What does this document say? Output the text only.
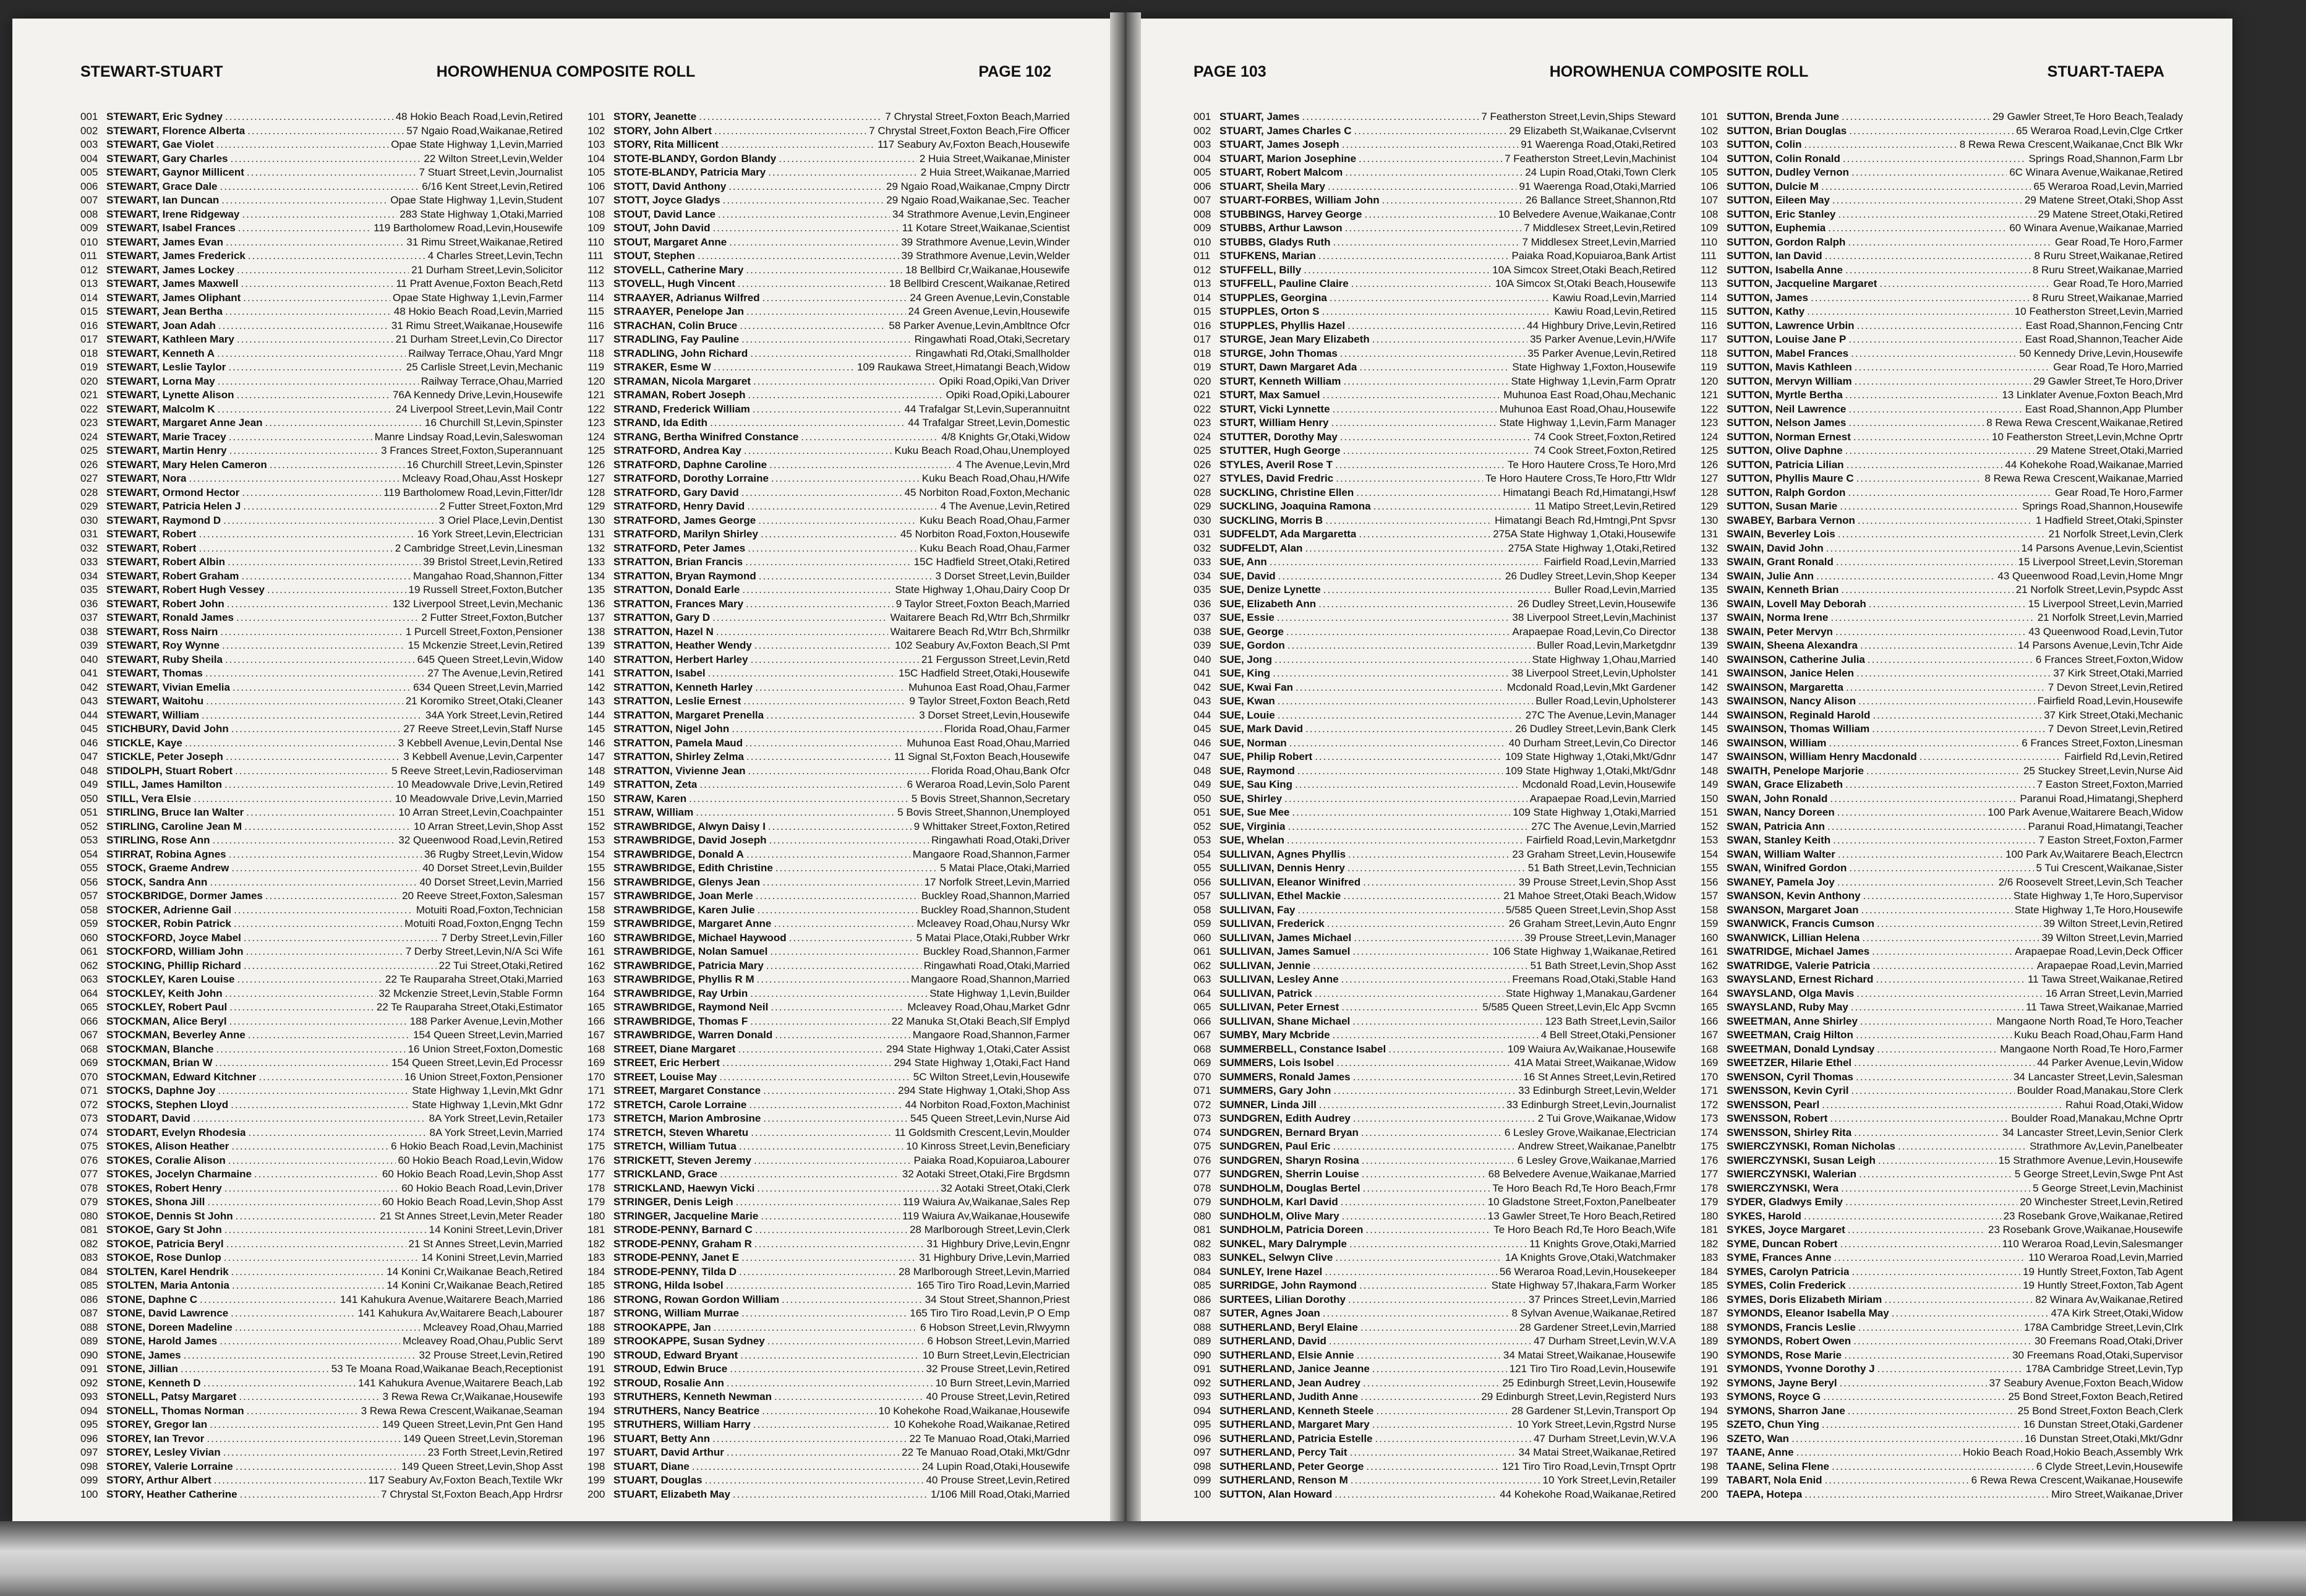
STEWART-STUART	HOROWHENUA COMPOSITE ROLL	PAGE 102
001 STEWART, Eric Sydney .....	48 Hokio Beach Road,Levin,Retired
002 STEWART, Florence Alberta .....	57 Ngaio Road,Waikanae,Retired
003 STEWART, Gae Violet .....	Opae State Highway 1,Levin,Married
004 STEWART, Gary Charles .....	22 Wilton Street,Levin,Welder
005 STEWART, Gaynor Millicent .....	7 Stuart Street,Levin,Journalist
006 STEWART, Grace Dale .....	6/16 Kent Street,Levin,Retired
007 STEWART, Ian Duncan .....	Opae State Highway 1,Levin,Student
008 STEWART, Irene Ridgeway .....	283 State Highway 1,Otaki,Married
009 STEWART, Isabel Frances .....	119 Bartholomew Road,Levin,Housewife
010 STEWART, James Evan .....	31 Rimu Street,Waikanae,Retired
011 STEWART, James Frederick .....	4 Charles Street,Levin,Techn
012 STEWART, James Lockey .....	21 Durham Street,Levin,Solicitor
013 STEWART, James Maxwell .....	11 Pratt Avenue,Foxton Beach,Retd
014 STEWART, James Oliphant .....	Opae State Highway 1,Levin,Farmer
015 STEWART, Jean Bertha .....	48 Hokio Beach Road,Levin,Married
016 STEWART, Joan Adah .....	31 Rimu Street,Waikanae,Housewife
017 STEWART, Kathleen Mary .....	21 Durham Street,Levin,Co Director
018 STEWART, Kenneth A .....	Railway Terrace,Ohau,Yard Mngr
019 STEWART, Leslie Taylor .....	25 Carlisle Street,Levin,Mechanic
020 STEWART, Lorna May .....	Railway Terrace,Ohau,Married
021 STEWART, Lynette Alison .....	76A Kennedy Drive,Levin,Housewife
022 STEWART, Malcolm K .....	24 Liverpool Street,Levin,Mail Contr
023 STEWART, Margaret Anne Jean .....	16 Churchill St,Levin,Spinster
024 STEWART, Marie Tracey .....	Manre Lindsay Road,Levin,Saleswoman
025 STEWART, Martin Henry .....	3 Frances Street,Foxton,Superannuant
026 STEWART, Mary Helen Cameron .....	16 Churchill Street,Levin,Spinster
027 STEWART, Nora .....	Mcleavy Road,Ohau,Asst Hoskepr
028 STEWART, Ormond Hector .....	119 Bartholomew Road,Levin,Fitter/Idr
029 STEWART, Patricia Helen J .....	2 Futter Street,Foxton,Mrd
030 STEWART, Raymond D .....	3 Oriel Place,Levin,Dentist
031 STEWART, Robert .....	16 York Street,Levin,Electrician
032 STEWART, Robert .....	2 Cambridge Street,Levin,Linesman
033 STEWART, Robert Albin .....	39 Bristol Street,Levin,Retired
034 STEWART, Robert Graham .....	Mangahao Road,Shannon,Fitter
035 STEWART, Robert Hugh Vessey .....	19 Russell Street,Foxton,Butcher
036 STEWART, Robert John .....	132 Liverpool Street,Levin,Mechanic
037 STEWART, Ronald James .....	2 Futter Street,Foxton,Butcher
038 STEWART, Ross Nairn .....	1 Purcell Street,Foxton,Pensioner
039 STEWART, Roy Wynne .....	15 Mckenzie Street,Levin,Retired
040 STEWART, Ruby Sheila .....	645 Queen Street,Levin,Widow
041 STEWART, Thomas .....	27 The Avenue,Levin,Retired
042 STEWART, Vivian Emelia .....	634 Queen Street,Levin,Married
043 STEWART, Waitohu .....	21 Koromiko Street,Otaki,Cleaner
044 STEWART, William .....	34A York Street,Levin,Retired
045 STICHBURY, David John .....	27 Reeve Street,Levin,Staff Nurse
046 STICKLE, Kaye .....	3 Kebbell Avenue,Levin,Dental Nse
047 STICKLE, Peter Joseph .....	3 Kebbell Avenue,Levin,Carpenter
048 STIDOLPH, Stuart Robert .....	5 Reeve Street,Levin,Radioserviman
049 STILL, James Hamilton .....	10 Meadowvale Drive,Levin,Retired
050 STILL, Vera Elsie .....	10 Meadowvale Drive,Levin,Married
051 STIRLING, Bruce Ian Walter .....	10 Arran Street,Levin,Coachpainter
052 STIRLING, Caroline Jean M .....	10 Arran Street,Levin,Shop Asst
053 STIRLING, Rose Ann .....	32 Queenwood Road,Levin,Retired
054 STIRRAT, Robina Agnes .....	36 Rugby Street,Levin,Widow
055 STOCK, Graeme Andrew .....	40 Dorset Street,Levin,Builder
056 STOCK, Sandra Ann .....	40 Dorset Street,Levin,Married
057 STOCKBRIDGE, Dormer James .....	20 Reeve Street,Foxton,Salesman
058 STOCKER, Adrienne Gail .....	Motuiti Road,Foxton,Technician
059 STOCKER, Robin Patrick .....	Motuiti Road,Foxton,Engng Techn
060 STOCKFORD, Joyce Mabel .....	7 Derby Street,Levin,Filler
061 STOCKFORD, William John .....	7 Derby Street,Levin,N/A Sci Wife
062 STOCKING, Phillip Richard .....	22 Tui Street,Otaki,Retired
063 STOCKLEY, Karen Louise .....	22 Te Rauparaha Street,Otaki,Married
064 STOCKLEY, Keith John .....	32 Mckenzie Street,Levin,Stable Formn
065 STOCKLEY, Robert Paul .....	22 Te Rauparaha Street,Otaki,Estimator
066 STOCKMAN, Alice Beryl .....	188 Parker Avenue,Levin,Mother
067 STOCKMAN, Beverley Anne .....	154 Queen Street,Levin,Married
068 STOCKMAN, Blanche .....	16 Union Street,Foxton,Domestic
069 STOCKMAN, Brian W .....	154 Queen Street,Levin,Ed Processr
070 STOCKMAN, Edward Kitchner .....	16 Union Street,Foxton,Pensioner
071 STOCKS, Daphne Joy .....	State Highway 1,Levin,Mkt Gdnr
072 STOCKS, Stephen Lloyd .....	State Highway 1,Levin,Mkt Gdnr
073 STODART, David .....	8A York Street,Levin,Retailer
074 STODART, Evelyn Rhodesia .....	8A York Street,Levin,Married
075 STOKES, Alison Heather .....	6 Hokio Beach Road,Levin,Machinist
076 STOKES, Coralie Alison .....	60 Hokio Beach Road,Levin,Widow
077 STOKES, Jocelyn Charmaine .....	60 Hokio Beach Road,Levin,Shop Asst
078 STOKES, Robert Henry .....	60 Hokio Beach Road,Levin,Driver
079 STOKES, Shona Jill .....	60 Hokio Beach Road,Levin,Shop Asst
080 STOKOE, Dennis St John .....	21 St Annes Street,Levin,Meter Reader
081 STOKOE, Gary St John .....	14 Konini Street,Levin,Driver
082 STOKOE, Patricia Beryl .....	21 St Annes Street,Levin,Married
083 STOKOE, Rose Dunlop .....	14 Konini Street,Levin,Married
084 STOLTEN, Karel Hendrik .....	14 Konini Cr,Waikanae Beach,Retired
085 STOLTEN, Maria Antonia .....	14 Konini Cr,Waikanae Beach,Retired
086 STONE, Daphne C .....	141 Kahukura Avenue,Waitarere Beach,Married
087 STONE, David Lawrence .....	141 Kahukura Av,Waitarere Beach,Labourer
088 STONE, Doreen Madeline .....	Mcleavey Road,Ohau,Married
089 STONE, Harold James .....	Mcleavey Road,Ohau,Public Servt
090 STONE, James .....	32 Prouse Street,Levin,Retired
091 STONE, Jillian .....	53 Te Moana Road,Waikanae Beach,Receptionist
092 STONE, Kenneth D .....	141 Kahukura Avenue,Waitarere Beach,Lab
093 STONELL, Patsy Margaret .....	3 Rewa Rewa Cr,Waikanae,Housewife
094 STONELL, Thomas Norman .....	3 Rewa Rewa Crescent,Waikanae,Seaman
095 STOREY, Gregor Ian .....	149 Queen Street,Levin,Pnt Gen Hand
096 STOREY, Ian Trevor .....	149 Queen Street,Levin,Storeman
097 STOREY, Lesley Vivian .....	23 Forth Street,Levin,Retired
098 STOREY, Valerie Lorraine .....	149 Queen Street,Levin,Shop Asst
099 STORY, Arthur Albert .....	117 Seabury Av,Foxton Beach,Textile Wkr
100 STORY, Heather Catherine .....	7 Chrystal St,Foxton Beach,App Hrdrsr
101 STORY, Jeanette .....	7 Chrystal Street,Foxton Beach,Married
102 STORY, John Albert .....	7 Chrystal Street,Foxton Beach,Fire Officer
103 STORY, Rita Millicent .....	117 Seabury Av,Foxton Beach,Housewife
104 STOTE-BLANDY, Gordon Blandy .....	2 Huia Street,Waikanae,Minister
105 STOTE-BLANDY, Patricia Mary .....	2 Huia Street,Waikanae,Married
106 STOTT, David Anthony .....	29 Ngaio Road,Waikanae,Cmpny Dirctr
107 STOTT, Joyce Gladys .....	29 Ngaio Road,Waikanae,Sec. Teacher
108 STOUT, David Lance .....	34 Strathmore Avenue,Levin,Engineer
109 STOUT, John David .....	11 Kotare Street,Waikanae,Scientist
110 STOUT, Margaret Anne .....	39 Strathmore Avenue,Levin,Winder
111 STOUT, Stephen .....	39 Strathmore Avenue,Levin,Welder
112 STOVELL, Catherine Mary .....	18 Bellbird Cr,Waikanae,Housewife
113 STOVELL, Hugh Vincent .....	18 Bellbird Crescent,Waikanae,Retired
114 STRAAYER, Adrianus Wilfred .....	24 Green Avenue,Levin,Constable
115 STRAAYER, Penelope Jan .....	24 Green Avenue,Levin,Housewife
116 STRACHAN, Colin Bruce .....	58 Parker Avenue,Levin,Ambltnce Ofcr
117 STRADLING, Fay Pauline .....	Ringawhati Road,Otaki,Secretary
118 STRADLING, John Richard .....	Ringawhati Rd,Otaki,Smallholder
119 STRAKER, Esme W .....	109 Raukawa Street,Himatangi Beach,Widow
120 STRAMAN, Nicola Margaret .....	Opiki Road,Opiki,Van Driver
121 STRAMAN, Robert Joseph .....	Opiki Road,Opiki,Labourer
122 STRAND, Frederick William .....	44 Trafalgar St,Levin,Superannuitnt
123 STRAND, Ida Edith .....	44 Trafalgar Street,Levin,Domestic
124 STRANG, Bertha Winifred Constance .....	4/8 Knights Gr,Otaki,Widow
125 STRATFORD, Andrea Kay .....	Kuku Beach Road,Ohau,Unemployed
126 STRATFORD, Daphne Caroline .....	4 The Avenue,Levin,Mrd
127 STRATFORD, Dorothy Lorraine .....	Kuku Beach Road,Ohau,H/Wife
128 STRATFORD, Gary David .....	45 Norbiton Road,Foxton,Mechanic
129 STRATFORD, Henry David .....	4 The Avenue,Levin,Retired
130 STRATFORD, James George .....	Kuku Beach Road,Ohau,Farmer
131 STRATFORD, Marilyn Shirley .....	45 Norbiton Road,Foxton,Housewife
132 STRATFORD, Peter James .....	Kuku Beach Road,Ohau,Farmer
133 STRATTON, Brian Francis .....	15C Hadfield Street,Otaki,Retired
134 STRATTON, Bryan Raymond .....	3 Dorset Street,Levin,Builder
135 STRATTON, Donald Earle .....	State Highway 1,Ohau,Dairy Coop Dr
136 STRATTON, Frances Mary .....	9 Taylor Street,Foxton Beach,Married
137 STRATTON, Gary D .....	Waitarere Beach Rd,Wtrr Bch,Shrmilkr
138 STRATTON, Hazel N .....	Waitarere Beach Rd,Wtrr Bch,Shrmilkr
139 STRATTON, Heather Wendy .....	102 Seabury Av,Foxton Beach,Sl Pmt
140 STRATTON, Herbert Harley .....	21 Fergusson Street,Levin,Retd
141 STRATTON, Isabel .....	15C Hadfield Street,Otaki,Housewife
142 STRATTON, Kenneth Harley .....	Muhunoa East Road,Ohau,Farmer
143 STRATTON, Leslie Ernest .....	9 Taylor Street,Foxton Beach,Retd
144 STRATTON, Margaret Prenella .....	3 Dorset Street,Levin,Housewife
145 STRATTON, Nigel John .....	Florida Road,Ohau,Farmer
146 STRATTON, Pamela Maud .....	Muhunoa East Road,Ohau,Married
147 STRATTON, Shirley Zelma .....	11 Signal St,Foxton Beach,Housewife
148 STRATTON, Vivienne Jean .....	Florida Road,Ohau,Bank Ofcr
149 STRATTON, Zeta .....	6 Weraroa Road,Levin,Solo Parent
150 STRAW, Karen .....	5 Bovis Street,Shannon,Secretary
151 STRAW, William .....	5 Bovis Street,Shannon,Unemployed
152 STRAWBRIDGE, Alwyn Daisy I .....	9 Whittaker Street,Foxton,Retired
153 STRAWBRIDGE, David Joseph .....	Ringawhati Road,Otaki,Driver
154 STRAWBRIDGE, Donald A .....	Mangaore Road,Shannon,Farmer
155 STRAWBRIDGE, Edith Christine .....	5 Matai Place,Otaki,Married
156 STRAWBRIDGE, Glenys Jean .....	17 Norfolk Street,Levin,Married
157 STRAWBRIDGE, Joan Merle .....	Buckley Road,Shannon,Married
158 STRAWBRIDGE, Karen Julie .....	Buckley Road,Shannon,Student
159 STRAWBRIDGE, Margaret Anne .....	Mcleavey Road,Ohau,Nursy Wkr
160 STRAWBRIDGE, Michael Haywood .....	5 Matai Place,Otaki,Rubber Wrkr
161 STRAWBRIDGE, Nolan Samuel .....	Buckley Road,Shannon,Farmer
162 STRAWBRIDGE, Patricia Mary .....	Ringawhati Road,Otaki,Married
163 STRAWBRIDGE, Phyllis R M .....	Mangaore Road,Shannon,Married
164 STRAWBRIDGE, Ray Urbin .....	State Highway 1,Levin,Builder
165 STRAWBRIDGE, Raymond Neil .....	Mcleavey Road,Ohau,Market Gdnr
166 STRAWBRIDGE, Thomas F .....	22 Manuka St,Otaki Beach,Slf Emplyd
167 STRAWBRIDGE, Warren Donald .....	Mangaore Road,Shannon,Farmer
168 STREET, Diane Margaret .....	294 State Highway 1,Otaki,Cater Assist
169 STREET, Eric Herbert .....	294 State Highway 1,Otaki,Fact Hand
170 STREET, Louise May .....	5C Wilton Street,Levin,Housewife
171 STREET, Margaret Constance .....	294 State Highway 1,Otaki,Shop Ass
172 STRETCH, Carole Lorraine .....	44 Norbiton Road,Foxton,Machinist
173 STRETCH, Marion Ambrosine .....	545 Queen Street,Levin,Nurse Aid
174 STRETCH, Steven Wharetu .....	11 Goldsmith Crescent,Levin,Moulder
175 STRETCH, William Tutua .....	10 Kinross Street,Levin,Beneficiary
176 STRICKETT, Steven Jeremy .....	Paiaka Road,Kopuiaroa,Labourer
177 STRICKLAND, Grace .....	32 Aotaki Street,Otaki,Fire Brgdsmn
178 STRICKLAND, Haewyn Vicki .....	32 Aotaki Street,Otaki,Clerk
179 STRINGER, Denis Leigh .....	119 Waiura Av,Waikanae,Sales Rep
180 STRINGER, Jacqueline Marie .....	119 Waiura Av,Waikanae,Housewife
181 STRODE-PENNY, Barnard C .....	28 Marlborough Street,Levin,Clerk
182 STRODE-PENNY, Graham R .....	31 Highbury Drive,Levin,Engnr
183 STRODE-PENNY, Janet E .....	31 Highbury Drive,Levin,Married
184 STRODE-PENNY, Tilda D .....	28 Marlborough Street,Levin,Married
185 STRONG, Hilda Isobel .....	165 Tiro Tiro Road,Levin,Married
186 STRONG, Rowan Gordon William .....	34 Stout Street,Shannon,Priest
187 STRONG, William Murrae .....	165 Tiro Tiro Road,Levin,P O Emp
188 STROOKAPPE, Jan .....	6 Hobson Street,Levin,Rlwyymn
189 STROOKAPPE, Susan Sydney .....	6 Hobson Street,Levin,Married
190 STROUD, Edward Bryant .....	10 Burn Street,Levin,Electrician
191 STROUD, Edwin Bruce .....	32 Prouse Street,Levin,Retired
192 STROUD, Rosalie Ann .....	10 Burn Street,Levin,Married
193 STRUTHERS, Kenneth Newman .....	40 Prouse Street,Levin,Retired
194 STRUTHERS, Nancy Beatrice .....	10 Kohekohe Road,Waikanae,Housewife
195 STRUTHERS, William Harry .....	10 Kohekohe Road,Waikanae,Retired
196 STUART, Betty Ann .....	22 Te Manuao Road,Otaki,Married
197 STUART, David Arthur .....	22 Te Manuao Road,Otaki,Mkt/Gdnr
198 STUART, Diane .....	24 Lupin Road,Otaki,Housewife
199 STUART, Douglas .....	40 Prouse Street,Levin,Retired
200 STUART, Elizabeth May .....	1/106 Mill Road,Otaki,Married
PAGE 103	HOROWHENUA COMPOSITE ROLL	STUART-TAEPA
001 STUART, James .....	7 Featherston Street,Levin,Ships Steward
002 STUART, James Charles C .....	29 Elizabeth St,Waikanae,Cvlservnt
003 STUART, James Joseph .....	91 Waerenga Road,Otaki,Retired
004 STUART, Marion Josephine .....	7 Featherston Street,Levin,Machinist
005 STUART, Robert Malcom .....	24 Lupin Road,Otaki,Town Clerk
006 STUART, Sheila Mary .....	91 Waerenga Road,Otaki,Married
007 STUART-FORBES, William John .....	26 Ballance Street,Shannon,Rtd
008 STUBBINGS, Harvey George .....	10 Belvedere Avenue,Waikanae,Contr
009 STUBBS, Arthur Lawson .....	7 Middlesex Street,Levin,Retired
010 STUBBS, Gladys Ruth .....	7 Middlesex Street,Levin,Married
011 STUFKENS, Marian .....	Paiaka Road,Kopuiaroa,Bank Artist
012 STUFFELL, Billy .....	10A Simcox Street,Otaki Beach,Retired
013 STUFFELL, Pauline Claire .....	10A Simcox St,Otaki Beach,Housewife
014 STUPPLES, Georgina .....	Kawiu Road,Levin,Married
015 STUPPLES, Orton S .....	Kawiu Road,Levin,Retired
016 STUPPLES, Phyllis Hazel .....	44 Highbury Drive,Levin,Retired
017 STURGE, Jean Mary Elizabeth .....	35 Parker Avenue,Levin,H/Wife
018 STURGE, John Thomas .....	35 Parker Avenue,Levin,Retired
019 STURT, Dawn Margaret Ada .....	State Highway 1,Foxton,Housewife
020 STURT, Kenneth William .....	State Highway 1,Levin,Farm Opratr
021 STURT, Max Samuel .....	Muhunoa East Road,Ohau,Mechanic
022 STURT, Vicki Lynnette .....	Muhunoa East Road,Ohau,Housewife
023 STURT, William Henry .....	State Highway 1,Levin,Farm Manager
024 STUTTER, Dorothy May .....	74 Cook Street,Foxton,Retired
025 STUTTER, Hugh George .....	74 Cook Street,Foxton,Retired
026 STYLES, Averil Rose T .....	Te Horo Hautere Cross,Te Horo,Mrd
027 STYLES, David Fredric .....	Te Horo Hautere Cross,Te Horo,Fttr Wldr
028 SUCKLING, Christine Ellen .....	Himatangi Beach Rd,Himatangi,Hswf
029 SUCKLING, Joaquina Ramona .....	11 Matipo Street,Levin,Retired
030 SUCKLING, Morris B .....	Himatangi Beach Rd,Hmtngi,Pnt Spvsr
031 SUDFELDT, Ada Margaretta .....	275A State Highway 1,Otaki,Housewife
032 SUDFELDT, Alan .....	275A State Highway 1,Otaki,Retired
033 SUE, Ann .....	Fairfield Road,Levin,Married
034 SUE, David .....	26 Dudley Street,Levin,Shop Keeper
035 SUE, Denize Lynette .....	Buller Road,Levin,Married
036 SUE, Elizabeth Ann .....	26 Dudley Street,Levin,Housewife
037 SUE, Essie .....	38 Liverpool Street,Levin,Machinist
038 SUE, George .....	Arapaepae Road,Levin,Co Director
039 SUE, Gordon .....	Buller Road,Levin,Marketgdnr
040 SUE, Jong .....	State Highway 1,Ohau,Married
041 SUE, King .....	38 Liverpool Street,Levin,Upholster
042 SUE, Kwai Fan .....	Mcdonald Road,Levin,Mkt Gardener
043 SUE, Kwan .....	Buller Road,Levin,Upholsterer
044 SUE, Louie .....	27C The Avenue,Levin,Manager
045 SUE, Mark David .....	26 Dudley Street,Levin,Bank Clerk
046 SUE, Norman .....	40 Durham Street,Levin,Co Director
047 SUE, Philip Robert .....	109 State Highway 1,Otaki,Mkt/Gdnr
048 SUE, Raymond .....	109 State Highway 1,Otaki,Mkt/Gdnr
049 SUE, Sau King .....	Mcdonald Road,Levin,Housewife
050 SUE, Shirley .....	Arapaepae Road,Levin,Married
051 SUE, Sue Mee .....	109 State Highway 1,Otaki,Married
052 SUE, Virginia .....	27C The Avenue,Levin,Married
053 SUE, Whelan .....	Fairfield Road,Levin,Marketgdnr
054 SULLIVAN, Agnes Phyllis .....	23 Graham Street,Levin,Housewife
055 SULLIVAN, Dennis Henry .....	51 Bath Street,Levin,Technician
056 SULLIVAN, Eleanor Winifred .....	39 Prouse Street,Levin,Shop Asst
057 SULLIVAN, Ethel Mackie .....	21 Mahoe Street,Otaki Beach,Widow
058 SULLIVAN, Fay .....	5/585 Queen Street,Levin,Shop Asst
059 SULLIVAN, Frederick .....	26 Graham Street,Levin,Auto Engnr
060 SULLIVAN, James Michael .....	39 Prouse Street,Levin,Manager
061 SULLIVAN, James Samuel .....	106 State Highway 1,Waikanae,Retired
062 SULLIVAN, Jennie .....	51 Bath Street,Levin,Shop Asst
063 SULLIVAN, Lesley Anne .....	Freemans Road,Otaki,Stable Hand
064 SULLIVAN, Patrick .....	State Highway 1,Manakau,Gardener
065 SULLIVAN, Peter Ernest .....	5/585 Queen Street,Levin,Elc App Svcmn
066 SULLIVAN, Shane Michael .....	123 Bath Street,Levin,Sailor
067 SUMBY, Mary Mcbride .....	4 Bell Street,Otaki,Pensioner
068 SUMMERBELL, Constance Isabel .....	109 Waiura Av,Waikanae,Housewife
069 SUMMERS, Lois Isobel .....	41A Matai Street,Waikanae,Widow
070 SUMMERS, Ronald James .....	16 St Annes Street,Levin,Retired
071 SUMMERS, Gary John .....	33 Edinburgh Street,Levin,Welder
072 SUMNER, Linda Jill .....	33 Edinburgh Street,Levin,Journalist
073 SUNDGREN, Edith Audrey .....	2 Tui Grove,Waikanae,Widow
074 SUNDGREN, Bernard Bryan .....	6 Lesley Grove,Waikanae,Electrician
075 SUNDGREN, Paul Eric .....	Andrew Street,Waikanae,Panelbtr
076 SUNDGREN, Sharyn Rosina .....	6 Lesley Grove,Waikanae,Married
077 SUNDGREN, Sherrin Louise .....	68 Belvedere Avenue,Waikanae,Married
078 SUNDHOLM, Douglas Bertel .....	Te Horo Beach Rd,Te Horo Beach,Frmr
079 SUNDHOLM, Karl David .....	10 Gladstone Street,Foxton,Panelbeater
080 SUNDHOLM, Olive Mary .....	13 Gawler Street,Te Horo Beach,Retired
081 SUNDHOLM, Patricia Doreen .....	Te Horo Beach Rd,Te Horo Beach,Wife
082 SUNKEL, Mary Dalrymple .....	11 Knights Grove,Otaki,Married
083 SUNKEL, Selwyn Clive .....	1A Knights Grove,Otaki,Watchmaker
084 SUNLEY, Irene Hazel .....	56 Weraroa Road,Levin,Housekeeper
085 SURRIDGE, John Raymond .....	State Highway 57,Ihakara,Farm Worker
086 SURTEES, Lilian Dorothy .....	37 Princes Street,Levin,Married
087 SUTER, Agnes Joan .....	8 Sylvan Avenue,Waikanae,Retired
088 SUTHERLAND, Beryl Elaine .....	28 Gardener Street,Levin,Married
089 SUTHERLAND, David .....	47 Durham Street,Levin,W.V.A
090 SUTHERLAND, Elsie Annie .....	34 Matai Street,Waikanae,Housewife
091 SUTHERLAND, Janice Jeanne .....	121 Tiro Tiro Road,Levin,Housewife
092 SUTHERLAND, Jean Audrey .....	25 Edinburgh Street,Levin,Housewife
093 SUTHERLAND, Judith Anne .....	29 Edinburgh Street,Levin,Registerd Nurs
094 SUTHERLAND, Kenneth Steele .....	28 Gardener St,Levin,Transport Op
095 SUTHERLAND, Margaret Mary .....	10 York Street,Levin,Rgstrd Nurse
096 SUTHERLAND, Patricia Estelle .....	47 Durham Street,Levin,W.V.A
097 SUTHERLAND, Percy Tait .....	34 Matai Street,Waikanae,Retired
098 SUTHERLAND, Peter George .....	121 Tiro Tiro Road,Levin,Trnspt Oprtr
099 SUTHERLAND, Renson M .....	10 York Street,Levin,Retailer
100 SUTTON, Alan Howard .....	44 Kohekohe Road,Waikanae,Retired
101 SUTTON, Brenda June .....	29 Gawler Street,Te Horo Beach,Tealady
102 SUTTON, Brian Douglas .....	65 Weraroa Road,Levin,Clge Crtker
103 SUTTON, Colin .....	8 Rewa Rewa Crescent,Waikanae,Cnct Blk Wkr
104 SUTTON, Colin Ronald .....	Springs Road,Shannon,Farm Lbr
105 SUTTON, Dudley Vernon .....	6C Winara Avenue,Waikanae,Retired
106 SUTTON, Dulcie M .....	65 Weraroa Road,Levin,Married
107 SUTTON, Eileen May .....	29 Matene Street,Otaki,Shop Asst
108 SUTTON, Eric Stanley .....	29 Matene Street,Otaki,Retired
109 SUTTON, Euphemia .....	60 Winara Avenue,Waikanae,Married
110 SUTTON, Gordon Ralph .....	Gear Road,Te Horo,Farmer
111 SUTTON, Ian David .....	8 Ruru Street,Waikanae,Retired
112 SUTTON, Isabella Anne .....	8 Ruru Street,Waikanae,Married
113 SUTTON, Jacqueline Margaret .....	Gear Road,Te Horo,Married
114 SUTTON, James .....	8 Ruru Street,Waikanae,Married
115 SUTTON, Kathy .....	10 Featherston Street,Levin,Married
116 SUTTON, Lawrence Urbin .....	East Road,Shannon,Fencing Cntr
117 SUTTON, Louise Jane P .....	East Road,Shannon,Teacher Aide
118 SUTTON, Mabel Frances .....	50 Kennedy Drive,Levin,Housewife
119 SUTTON, Mavis Kathleen .....	Gear Road,Te Horo,Married
120 SUTTON, Mervyn William .....	29 Gawler Street,Te Horo,Driver
121 SUTTON, Myrtle Bertha .....	13 Linklater Avenue,Foxton Beach,Mrd
122 SUTTON, Neil Lawrence .....	East Road,Shannon,App Plumber
123 SUTTON, Nelson James .....	8 Rewa Rewa Crescent,Waikanae,Retired
124 SUTTON, Norman Ernest .....	10 Featherston Street,Levin,Mchne Oprtr
125 SUTTON, Olive Daphne .....	29 Matene Street,Otaki,Married
126 SUTTON, Patricia Lilian .....	44 Kohekohe Road,Waikanae,Married
127 SUTTON, Phyllis Maure C .....	8 Rewa Rewa Crescent,Waikanae,Married
128 SUTTON, Ralph Gordon .....	Gear Road,Te Horo,Farmer
129 SUTTON, Susan Marie .....	Springs Road,Shannon,Housewife
130 SWABEY, Barbara Vernon .....	1 Hadfield Street,Otaki,Spinster
131 SWAIN, Beverley Lois .....	21 Norfolk Street,Levin,Clerk
132 SWAIN, David John .....	14 Parsons Avenue,Levin,Scientist
133 SWAIN, Grant Ronald .....	15 Liverpool Street,Levin,Storeman
134 SWAIN, Julie Ann .....	43 Queenwood Road,Levin,Home Mngr
135 SWAIN, Kenneth Brian .....	21 Norfolk Street,Levin,Psypdc Asst
136 SWAIN, Lovell May Deborah .....	15 Liverpool Street,Levin,Married
137 SWAIN, Norma Irene .....	21 Norfolk Street,Levin,Married
138 SWAIN, Peter Mervyn .....	43 Queenwood Road,Levin,Tutor
139 SWAIN, Sheena Alexandra .....	14 Parsons Avenue,Levin,Tchr Aide
140 SWAINSON, Catherine Julia .....	6 Frances Street,Foxton,Widow
141 SWAINSON, Janice Helen .....	37 Kirk Street,Otaki,Married
142 SWAINSON, Margaretta .....	7 Devon Street,Levin,Retired
143 SWAINSON, Nancy Alison .....	Fairfield Road,Levin,Housewife
144 SWAINSON, Reginald Harold .....	37 Kirk Street,Otaki,Mechanic
145 SWAINSON, Thomas William .....	7 Devon Street,Levin,Retired
146 SWAINSON, William .....	6 Frances Street,Foxton,Linesman
147 SWAINSON, William Henry Macdonald .....	Fairfield Rd,Levin,Retired
148 SWAITH, Penelope Marjorie .....	25 Stuckey Street,Levin,Nurse Aid
149 SWAN, Grace Elizabeth .....	7 Easton Street,Foxton,Married
150 SWAN, John Ronald .....	Paranui Road,Himatangi,Shepherd
151 SWAN, Nancy Doreen .....	100 Park Avenue,Waitarere Beach,Widow
152 SWAN, Patricia Ann .....	Paranui Road,Himatangi,Teacher
153 SWAN, Stanley Keith .....	7 Easton Street,Foxton,Farmer
154 SWAN, William Walter .....	100 Park Av,Waitarere Beach,Electrcn
155 SWAN, Winifred Gordon .....	5 Tui Crescent,Waikanae,Sister
156 SWANEY, Pamela Joy .....	2/6 Roosevelt Street,Levin,Sch Teacher
157 SWANSON, Kevin Anthony .....	State Highway 1,Te Horo,Supervisor
158 SWANSON, Margaret Joan .....	State Highway 1,Te Horo,Housewife
159 SWANWICK, Francis Cumson .....	39 Wilton Street,Levin,Retired
160 SWANWICK, Lillian Helena .....	39 Wilton Street,Levin,Married
161 SWATRIDGE, Michael James .....	Arapaepae Road,Levin,Deck Officer
162 SWATRIDGE, Valerie Patricia .....	Arapaepae Road,Levin,Married
163 SWAYSLAND, Ernest Richard .....	11 Tawa Street,Waikanae,Retired
164 SWAYSLAND, Olga Mavis .....	16 Arran Street,Levin,Married
165 SWAYSLAND, Ruby May .....	11 Tawa Street,Waikanae,Married
166 SWEETMAN, Anne Shirley .....	Mangaone North Road,Te Horo,Teacher
167 SWEETMAN, Craig Hilton .....	Kuku Beach Road,Ohau,Farm Hand
168 SWEETMAN, Donald Lyndsay .....	Mangaone North Road,Te Horo,Farmer
169 SWEETZER, Hilarie Ethel .....	44 Parker Avenue,Levin,Widow
170 SWENSON, Cyril Thomas .....	34 Lancaster Street,Levin,Salesman
171 SWENSSON, Kevin Cyril .....	Boulder Road,Manakau,Store Clerk
172 SWENSSON, Pearl .....	Rahui Road,Otaki,Widow
173 SWENSSON, Robert .....	Boulder Road,Manakau,Mchne Oprtr
174 SWENSSON, Shirley Rita .....	34 Lancaster Street,Levin,Senior Clerk
175 SWIERCZYNSKI, Roman Nicholas .....	Strathmore Av,Levin,Panelbeater
176 SWIERCZYNSKI, Susan Leigh .....	15 Strathmore Avenue,Levin,Housewife
177 SWIERCZYNSKI, Walerian .....	5 George Street,Levin,Swge Pnt Ast
178 SWIERCZYNSKI, Wera .....	5 George Street,Levin,Machinist
179 SYDER, Gladwys Emily .....	20 Winchester Street,Levin,Retired
180 SYKES, Harold .....	23 Rosebank Grove,Waikanae,Retired
181 SYKES, Joyce Margaret .....	23 Rosebank Grove,Waikanae,Housewife
182 SYME, Duncan Robert .....	110 Weraroa Road,Levin,Salesmanger
183 SYME, Frances Anne .....	110 Weraroa Road,Levin,Married
184 SYMES, Carolyn Patricia .....	19 Huntly Street,Foxton,Tab Agent
185 SYMES, Colin Frederick .....	19 Huntly Street,Foxton,Tab Agent
186 SYMES, Doris Elizabeth Miriam .....	82 Winara Av,Waikanae,Retired
187 SYMONDS, Eleanor Isabella May .....	47A Kirk Street,Otaki,Widow
188 SYMONDS, Francis Leslie .....	178A Cambridge Street,Levin,Clrk
189 SYMONDS, Robert Owen .....	30 Freemans Road,Otaki,Driver
190 SYMONDS, Rose Marie .....	30 Freemans Road,Otaki,Supervisor
191 SYMONDS, Yvonne Dorothy J .....	178A Cambridge Street,Levin,Typ
192 SYMONS, Jayne Beryl .....	37 Seabury Avenue,Foxton Beach,Widow
193 SYMONS, Royce G .....	25 Bond Street,Foxton Beach,Retired
194 SYMONS, Sharron Jane .....	25 Bond Street,Foxton Beach,Clerk
195 SZETO, Chun Ying .....	16 Dunstan Street,Otaki,Gardener
196 SZETO, Wan .....	16 Dunstan Street,Otaki,Mkt/Gdnr
197 TAANE, Anne .....	Hokio Beach Road,Hokio Beach,Assembly Wrk
198 TAANE, Selina Flene .....	6 Clyde Street,Levin,Housewife
199 TABART, Nola Enid .....	6 Rewa Rewa Crescent,Waikanae,Housewife
200 TAEPA, Hotepa .....	Miro Street,Waikanae,Driver
